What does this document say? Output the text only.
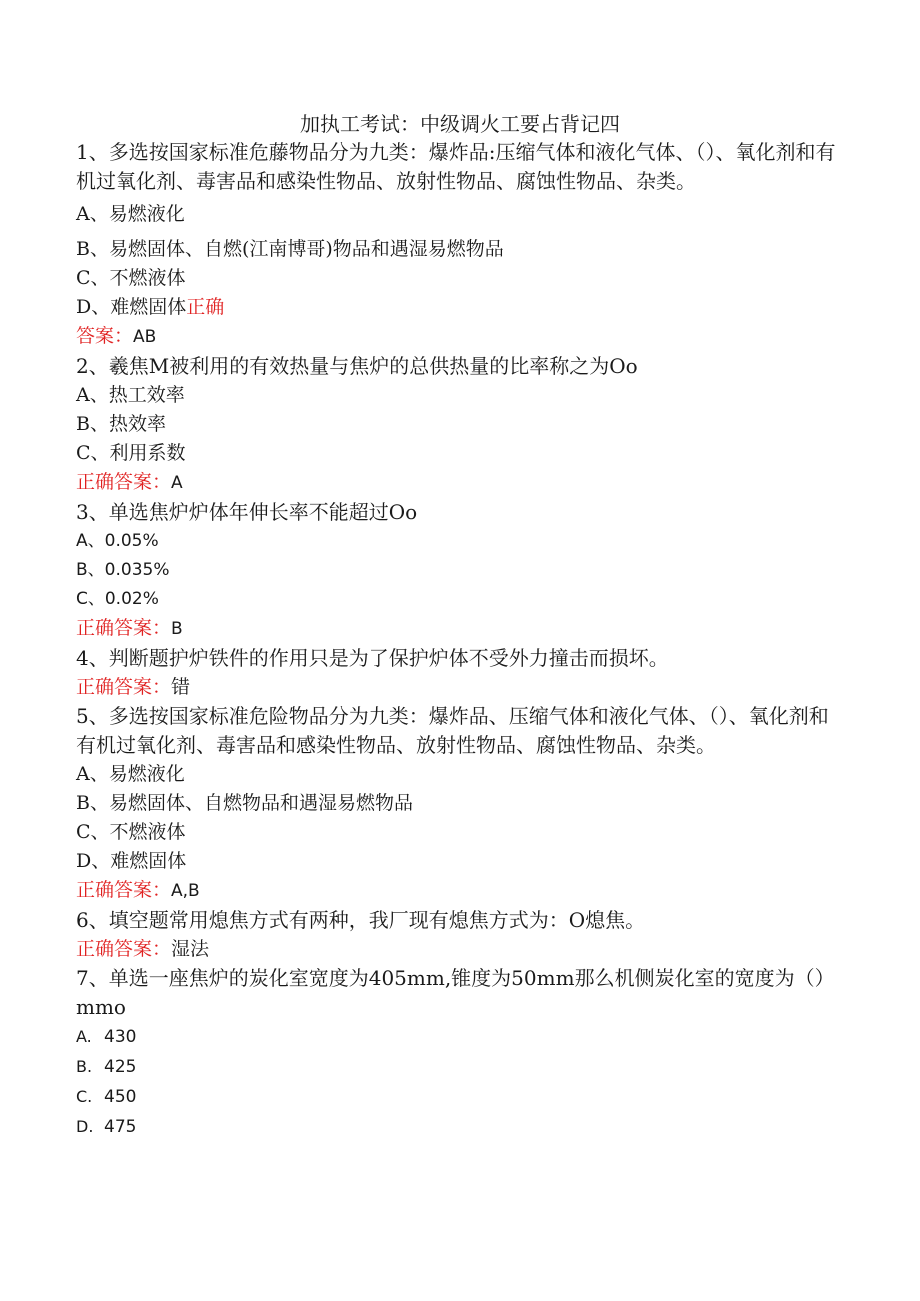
加执工考试：中级调火工要占背记四
1、多选按国家标准危藤物品分为九类：爆炸品:压缩气体和液化气体、（）、氧化剂和有机过氧化剂、毒害品和感染性物品、放射性物品、腐蚀性物品、杂类。
A、易燃液化
B、易燃固体、自燃(江南博哥)物品和遇湿易燃物品
C、不燃液体
D、难燃固体正确
答案：AB
2、羲焦M被利用的有效热量与焦炉的总供热量的比率称之为Oo
A、热工效率
B、热效率
C、利用系数
正确答案：A
3、单选焦炉炉体年伸长率不能超过Oo
A、0.05%
B、0.035%
C、0.02%
正确答案：B
4、判断题护炉铁件的作用只是为了保护炉体不受外力撞击而损坏。
正确答案：错
5、多选按国家标准危险物品分为九类：爆炸品、压缩气体和液化气体、（）、氧化剂和有机过氧化剂、毒害品和感染性物品、放射性物品、腐蚀性物品、杂类。
A、易燃液化
B、易燃固体、自燃物品和遇湿易燃物品
C、不燃液体
D、难燃固体
正确答案：A,B
6、填空题常用熄焦方式有两种，我厂现有熄焦方式为：O熄焦。
正确答案：湿法
7、单选一座焦炉的炭化室宽度为405mm,锥度为50mm那么机侧炭化室的宽度为（）mmo
A. 430
B. 425
C. 450
D. 475
